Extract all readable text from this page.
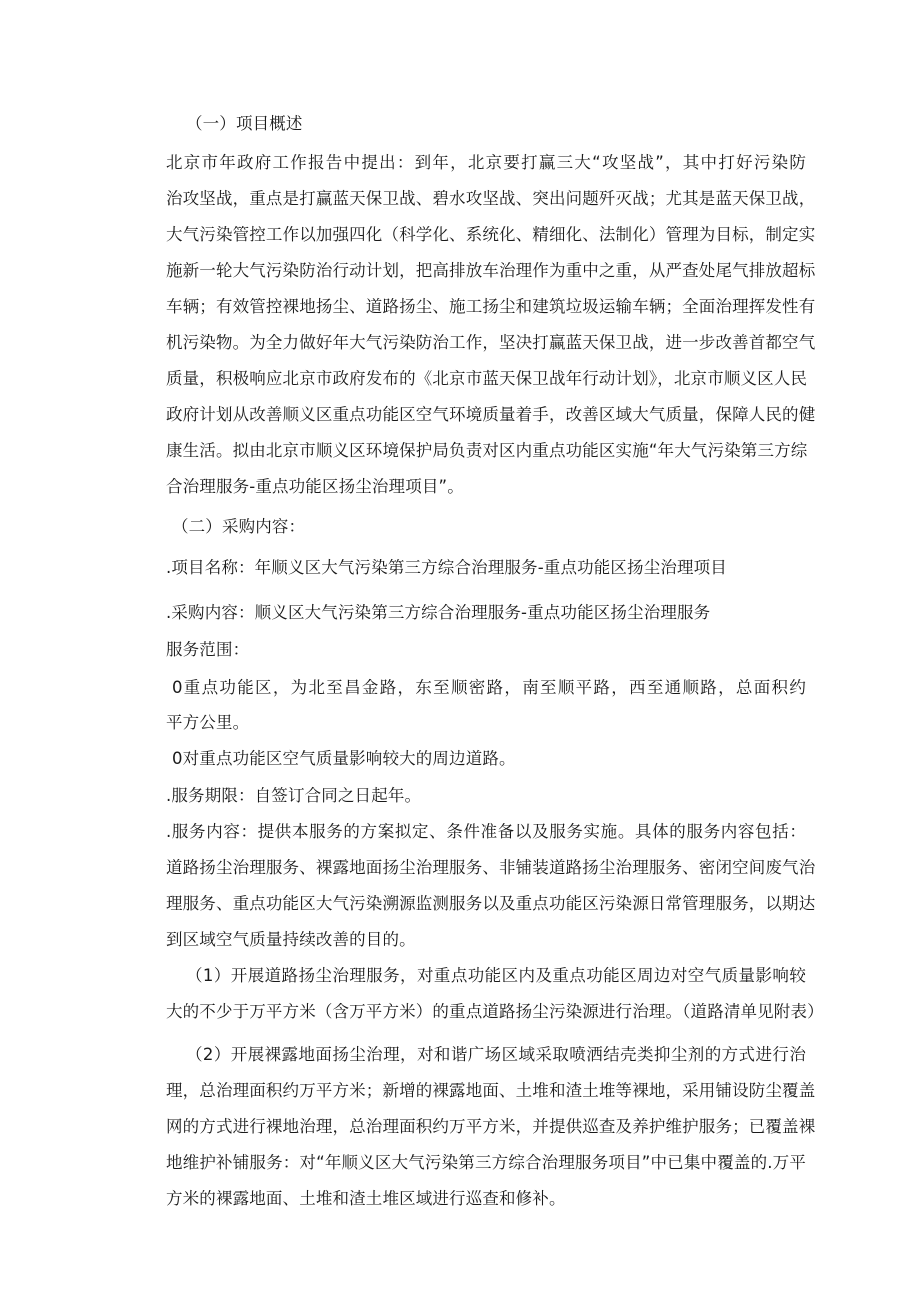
（一）项目概述
北京市年政府工作报告中提出：到年，北京要打赢三大“攻坚战”，其中打好污染防
治攻坚战，重点是打赢蓝天保卫战、碧水攻坚战、突出问题歼灭战；尤其是蓝天保卫战，
大气污染管控工作以加强四化（科学化、系统化、精细化、法制化）管理为目标，制定实
施新一轮大气污染防治行动计划，把高排放车治理作为重中之重，从严查处尾气排放超标
车辆；有效管控裸地扬尘、道路扬尘、施工扬尘和建筑垃圾运输车辆；全面治理挥发性有
机污染物。为全力做好年大气污染防治工作，坚决打赢蓝天保卫战，进一步改善首都空气
质量，积极响应北京市政府发布的《北京市蓝天保卫战年行动计划》，北京市顺义区人民
政府计划从改善顺义区重点功能区空气环境质量着手，改善区域大气质量，保障人民的健
康生活。拟由北京市顺义区环境保护局负责对区内重点功能区实施“年大气污染第三方综
合治理服务-重点功能区扬尘治理项目”。
（二）采购内容：
.项目名称：年顺义区大气污染第三方综合治理服务-重点功能区扬尘治理项目
.采购内容：顺义区大气污染第三方综合治理服务-重点功能区扬尘治理服务
服务范围：
0重点功能区，为北至昌金路，东至顺密路，南至顺平路，西至通顺路，总面积约
平方公里。
0对重点功能区空气质量影响较大的周边道路。
.服务期限：自签订合同之日起年。
.服务内容：提供本服务的方案拟定、条件准备以及服务实施。具体的服务内容包括：
道路扬尘治理服务、裸露地面扬尘治理服务、非铺装道路扬尘治理服务、密闭空间废气治
理服务、重点功能区大气污染溯源监测服务以及重点功能区污染源日常管理服务，以期达
到区域空气质量持续改善的目的。
（1）开展道路扬尘治理服务，对重点功能区内及重点功能区周边对空气质量影响较
大的不少于万平方米（含万平方米）的重点道路扬尘污染源进行治理。（道路清单见附表）
（2）开展裸露地面扬尘治理，对和谐广场区域采取喷洒结壳类抑尘剂的方式进行治
理，总治理面积约万平方米；新增的裸露地面、土堆和渣土堆等裸地，采用铺设防尘覆盖
网的方式进行裸地治理，总治理面积约万平方米，并提供巡查及养护维护服务；已覆盖裸
地维护补铺服务：对“年顺义区大气污染第三方综合治理服务项目”中已集中覆盖的.万平
方米的裸露地面、土堆和渣土堆区域进行巡查和修补。
